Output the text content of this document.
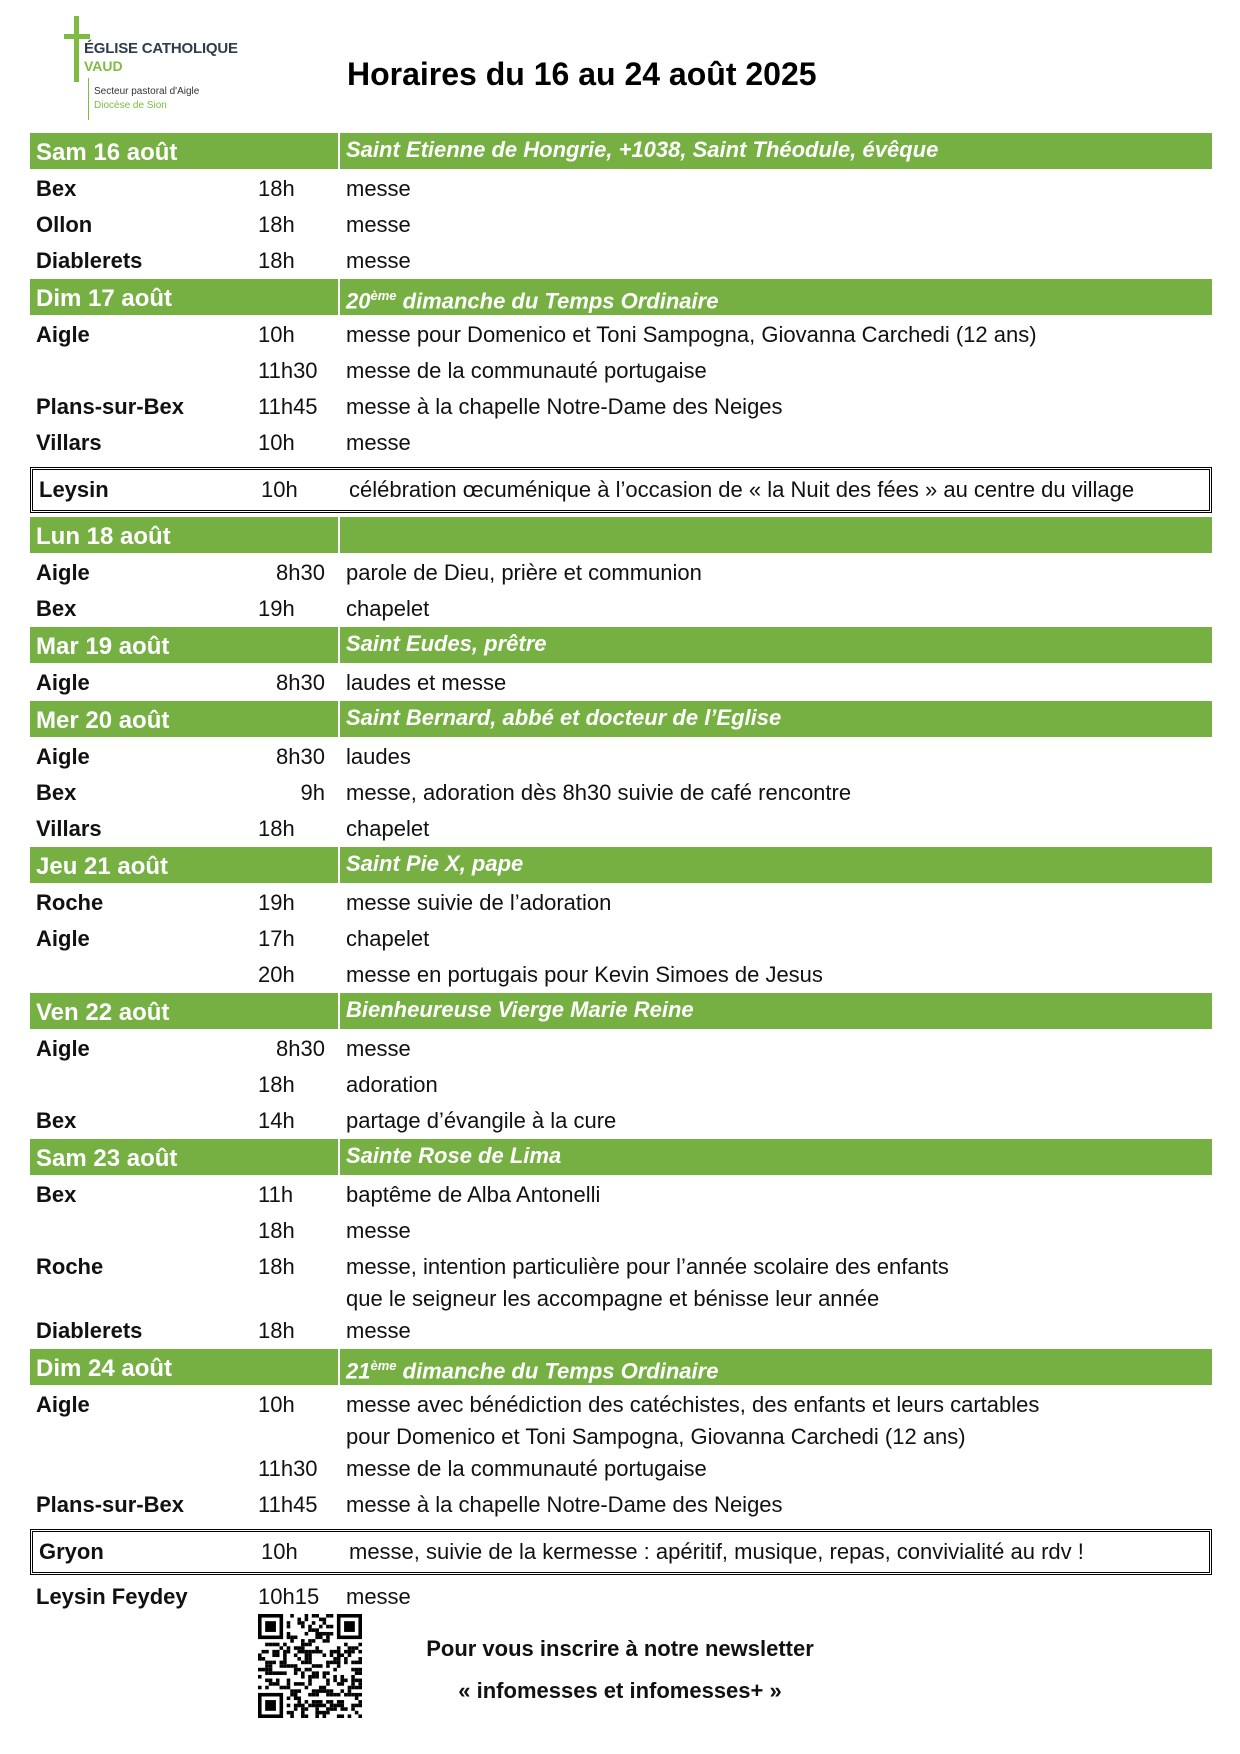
ÉGLISE CATHOLIQUE
VAUD
Secteur pastoral d'Aigle
Diocèse de Sion
Horaires du 16 au 24 août 2025
Sam 16 août	Saint Etienne de Hongrie, +1038, Saint Théodule, évêque
Bex	18h	messe
Ollon	18h	messe
Diablerets	18h	messe
Dim 17 août	20ème dimanche du Temps Ordinaire
Aigle	10h	messe pour Domenico et Toni Sampogna, Giovanna Carchedi (12 ans)
11h30 messe de la communauté portugaise
Plans-sur-Bex	11h45 messe à la chapelle Notre-Dame des Neiges
Villars	10h	messe
Leysin	10h	célébration œcuménique à l’occasion de « la Nuit des fées » au centre du village
Lun 18 août
Aigle	8h30 parole de Dieu, prière et communion
Bex	19h	chapelet
Mar 19 août	Saint Eudes, prêtre
Aigle	8h30 laudes et messe
Mer 20 août	Saint Bernard, abbé et docteur de l’Eglise
Aigle	8h30 laudes
Bex	9h messe, adoration dès 8h30 suivie de café rencontre
Villars	18h	chapelet
Jeu 21 août	Saint Pie X, pape
Roche	19h	messe suivie de l’adoration
Aigle	17h	chapelet
20h	messe en portugais pour Kevin Simoes de Jesus
Ven 22 août	Bienheureuse Vierge Marie Reine
Aigle	8h30 messe
18h	adoration
Bex	14h	partage d’évangile à la cure
Sam 23 août	Sainte Rose de Lima
Bex	11h	baptême de Alba Antonelli
18h	messe
Roche	18h	messe, intention particulière pour l’année scolaire des enfants
que le seigneur les accompagne et bénisse leur année
Diablerets	18h	messe
Dim 24 août	21ème dimanche du Temps Ordinaire
Aigle	10h	messe avec bénédiction des catéchistes, des enfants et leurs cartables
pour Domenico et Toni Sampogna, Giovanna Carchedi (12 ans)
11h30 messe de la communauté portugaise
Plans-sur-Bex	11h45 messe à la chapelle Notre-Dame des Neiges
Gryon	10h	messe, suivie de la kermesse : apéritif, musique, repas, convivialité au rdv !
Leysin Feydey	10h15 messe
Pour vous inscrire à notre newsletter
« infomesses et infomesses+ »
